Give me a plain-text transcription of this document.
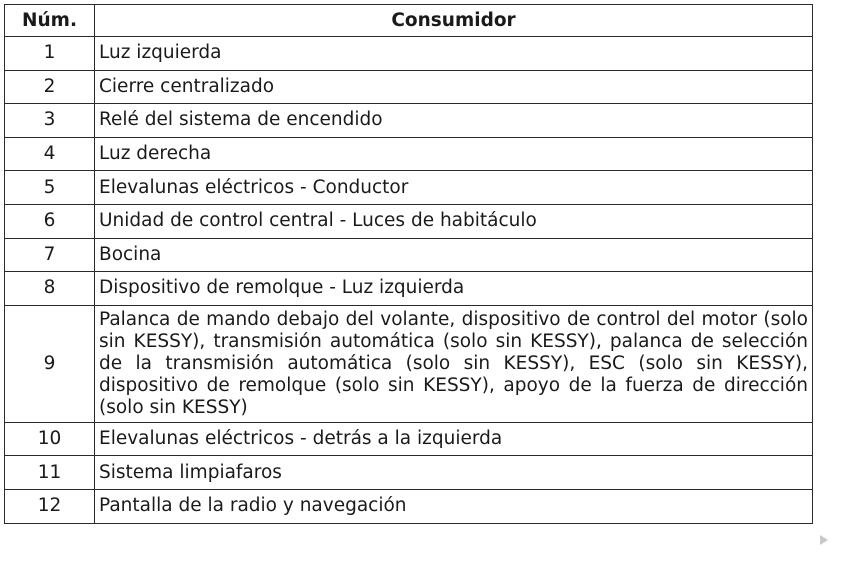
Núm.	Consumidor
1	Luz izquierda
2	Cierre centralizado
3	Relé del sistema de encendido
4	Luz derecha
5	Elevalunas eléctricos - Conductor
6	Unidad de control central - Luces de habitáculo
7	Bocina
8	Dispositivo de remolque - Luz izquierda
9	Palanca de mando debajo del volante, dispositivo de control del motor (solo sin KESSY), transmisión automática (solo sin KESSY), palanca de selección de la transmisión automática (solo sin KESSY), ESC (solo sin KESSY), dispositivo de remolque (solo sin KESSY), apoyo de la fuerza de dirección (solo sin KESSY)
10	Elevalunas eléctricos - detrás a la izquierda
11	Sistema limpiafaros
12	Pantalla de la radio y navegación
